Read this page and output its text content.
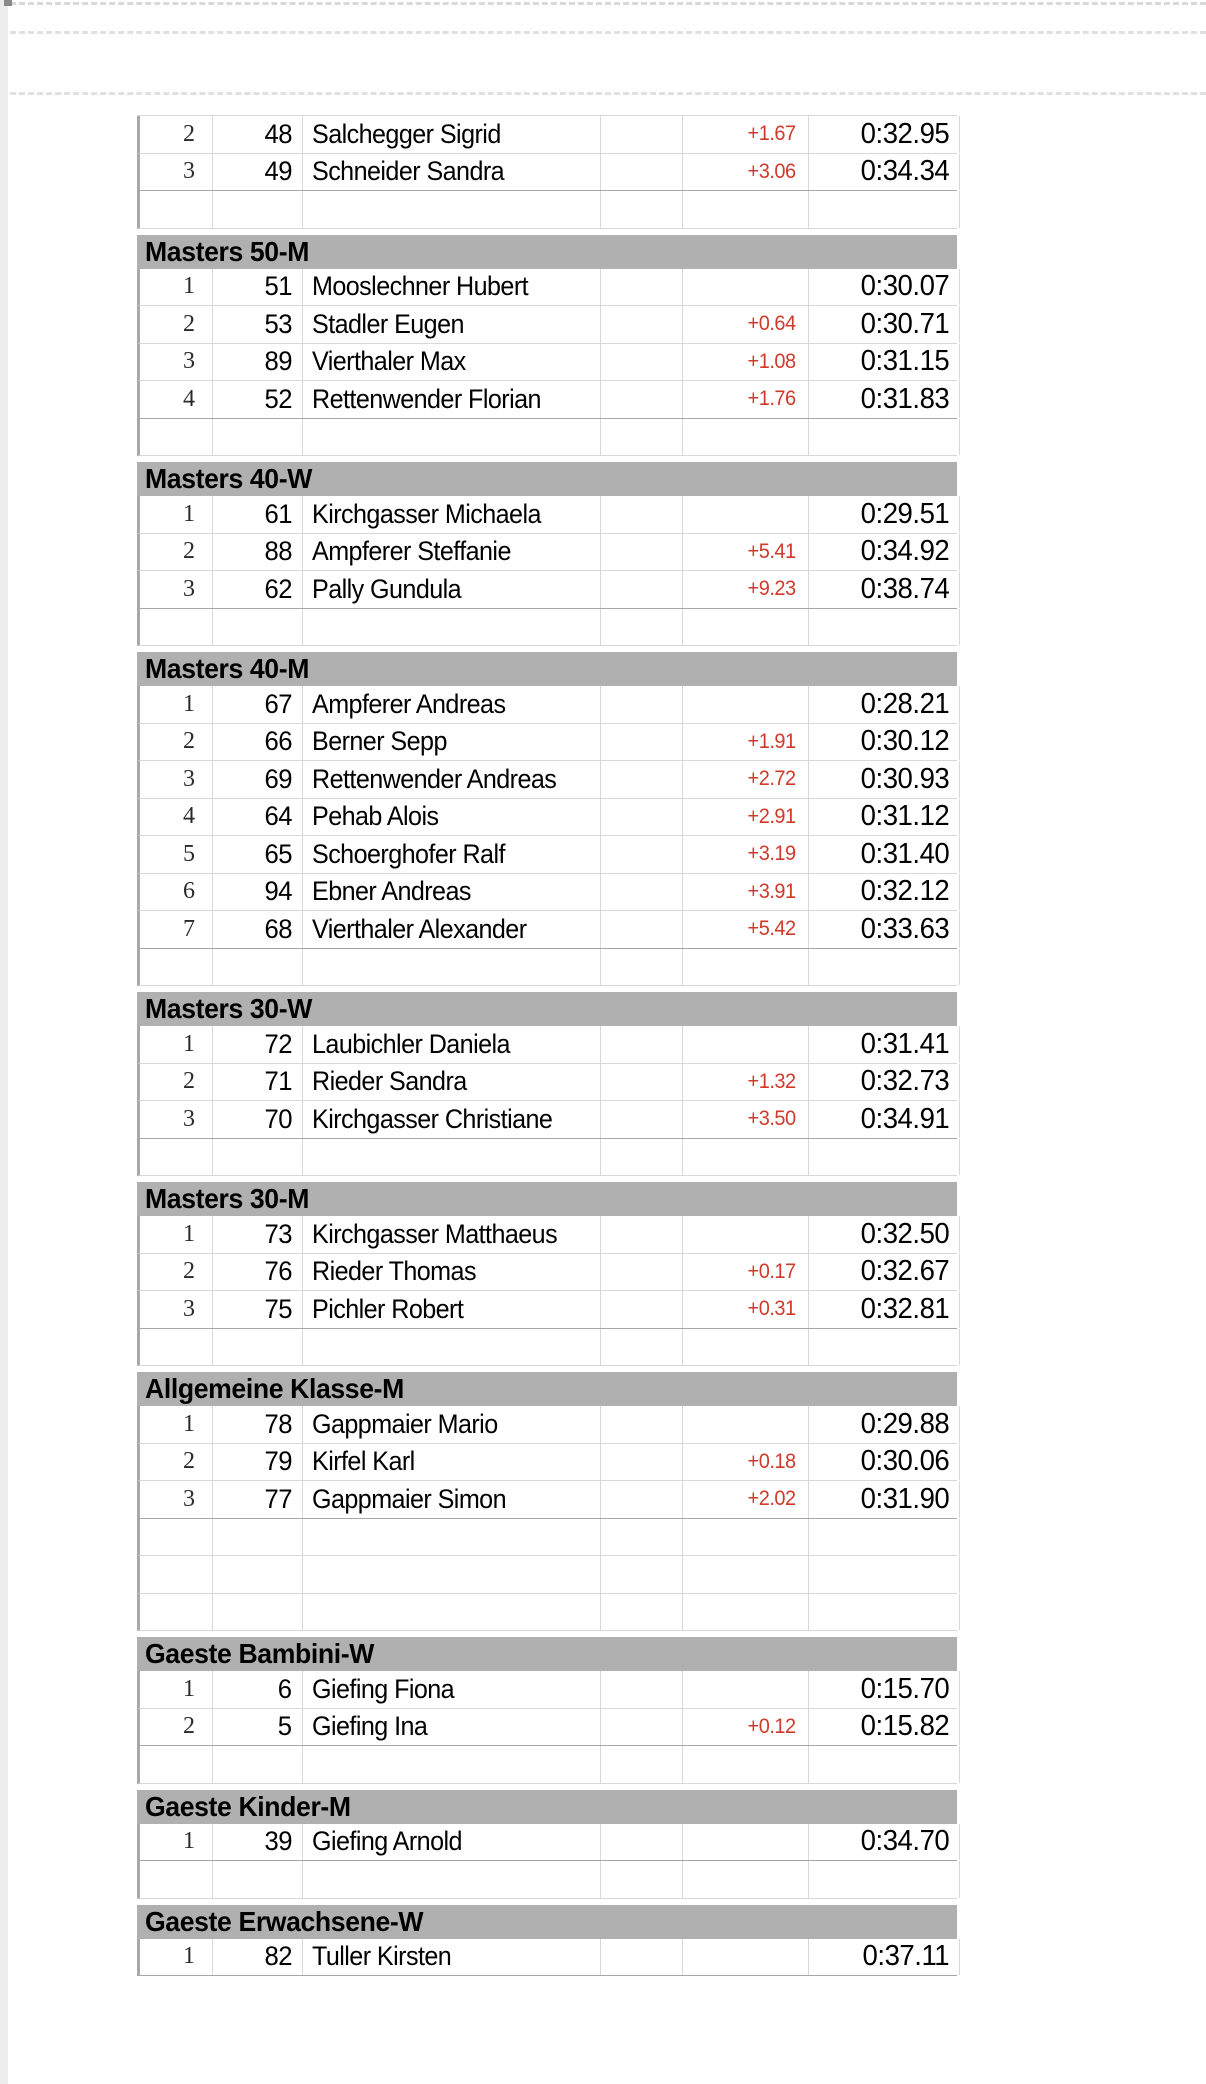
2	48 Salchegger Sigrid	+1.67 0:32.95
3	49 Schneider Sandra	+3.06 0:34.34
Masters 50-M
1	51 Mooslechner Hubert	0:30.07
2	53 Stadler Eugen	+0.64 0:30.71
3	89 Vierthaler Max	+1.08 0:31.15
4	52 Rettenwender Florian	+1.76 0:31.83
Masters 40-W
1	61 Kirchgasser Michaela	0:29.51
2	88 Ampferer Steffanie	+5.41 0:34.92
3	62 Pally Gundula	+9.23 0:38.74
Masters 40-M
1	67 Ampferer Andreas	0:28.21
2	66 Berner Sepp	+1.91 0:30.12
3	69 Rettenwender Andreas	+2.72 0:30.93
4	64 Pehab Alois	+2.91 0:31.12
5	65 Schoerghofer Ralf	+3.19 0:31.40
6	94 Ebner Andreas	+3.91 0:32.12
7	68 Vierthaler Alexander	+5.42 0:33.63
Masters 30-W
1	72 Laubichler Daniela	0:31.41
2	71 Rieder Sandra	+1.32 0:32.73
3	70 Kirchgasser Christiane	+3.50 0:34.91
Masters 30-M
1	73 Kirchgasser Matthaeus	0:32.50
2	76 Rieder Thomas	+0.17 0:32.67
3	75 Pichler Robert	+0.31 0:32.81
Allgemeine Klasse-M
1	78 Gappmaier Mario	0:29.88
2	79 Kirfel Karl	+0.18 0:30.06
3	77 Gappmaier Simon	+2.02 0:31.90
Gaeste Bambini-W
1	6 Giefing Fiona	0:15.70
2	5 Giefing Ina	+0.12 0:15.82
Gaeste Kinder-M
1	39 Giefing Arnold	0:34.70
Gaeste Erwachsene-W
1	82 Tuller Kirsten	0:37.11
